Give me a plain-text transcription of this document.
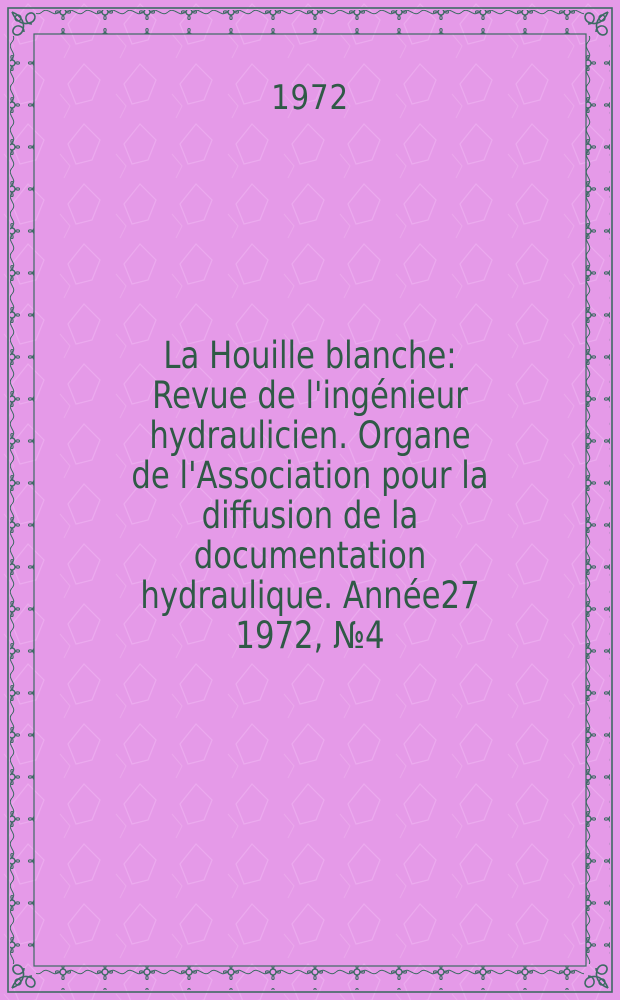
1972
La Houille blanche:
Revue de l'ingénieur
hydraulicien. Organe
de l'Association pour la
diffusion de la
documentation
hydraulique. Année27
1972, №4
